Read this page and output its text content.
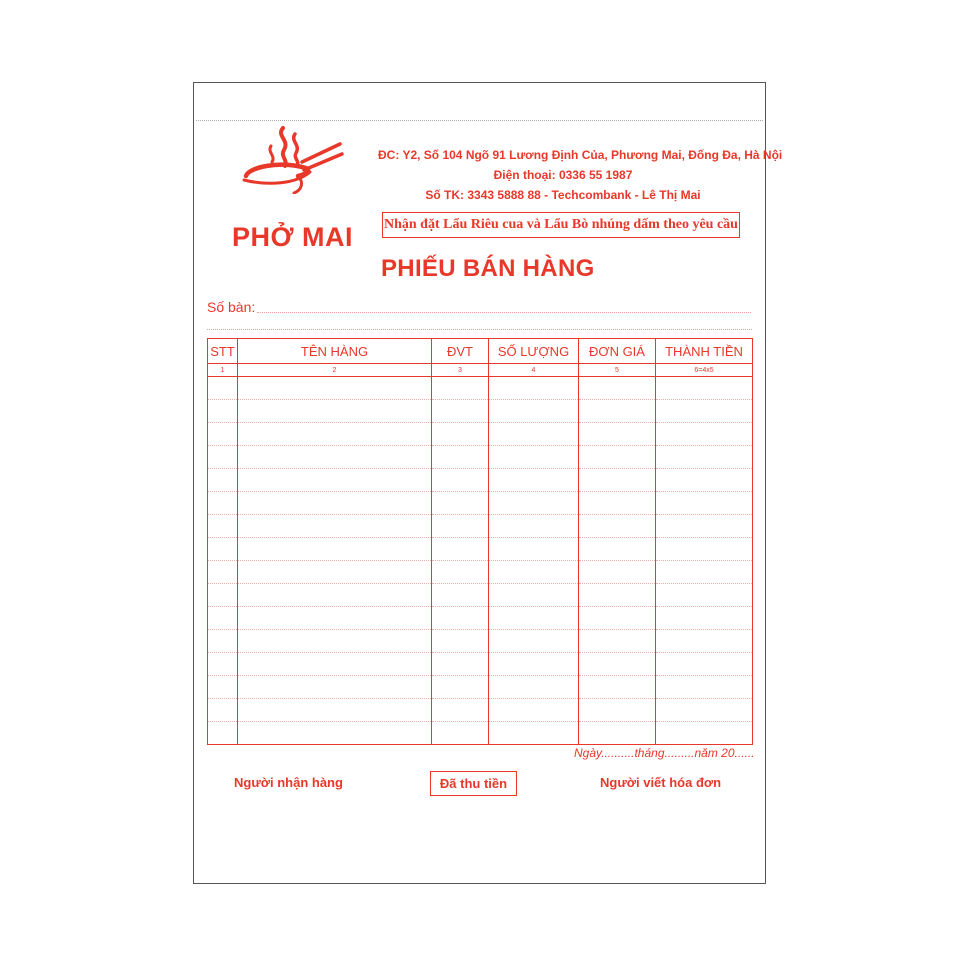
PHỞ MAI
ĐC: Y2, Số 104 Ngõ 91 Lương Định Của, Phương Mai, Đống Đa, Hà Nội
Điện thoại: 0336 55 1987
Số TK: 3343 5888 88 - Techcombank - Lê Thị Mai
Nhận đặt Lẩu Riêu cua và Lẩu Bò nhúng dấm theo yêu cầu
PHIẾU BÁN HÀNG
Số bàn:
STT	TÊN HÀNG	ĐVT	SỐ LƯỢNG	ĐƠN GIÁ	THÀNH TIỀN
1	2	3	4	5	6=4x5

Ngày..........tháng.........năm 20......
Người nhận hàng	Đã thu tiền	Người viết hóa đơn
